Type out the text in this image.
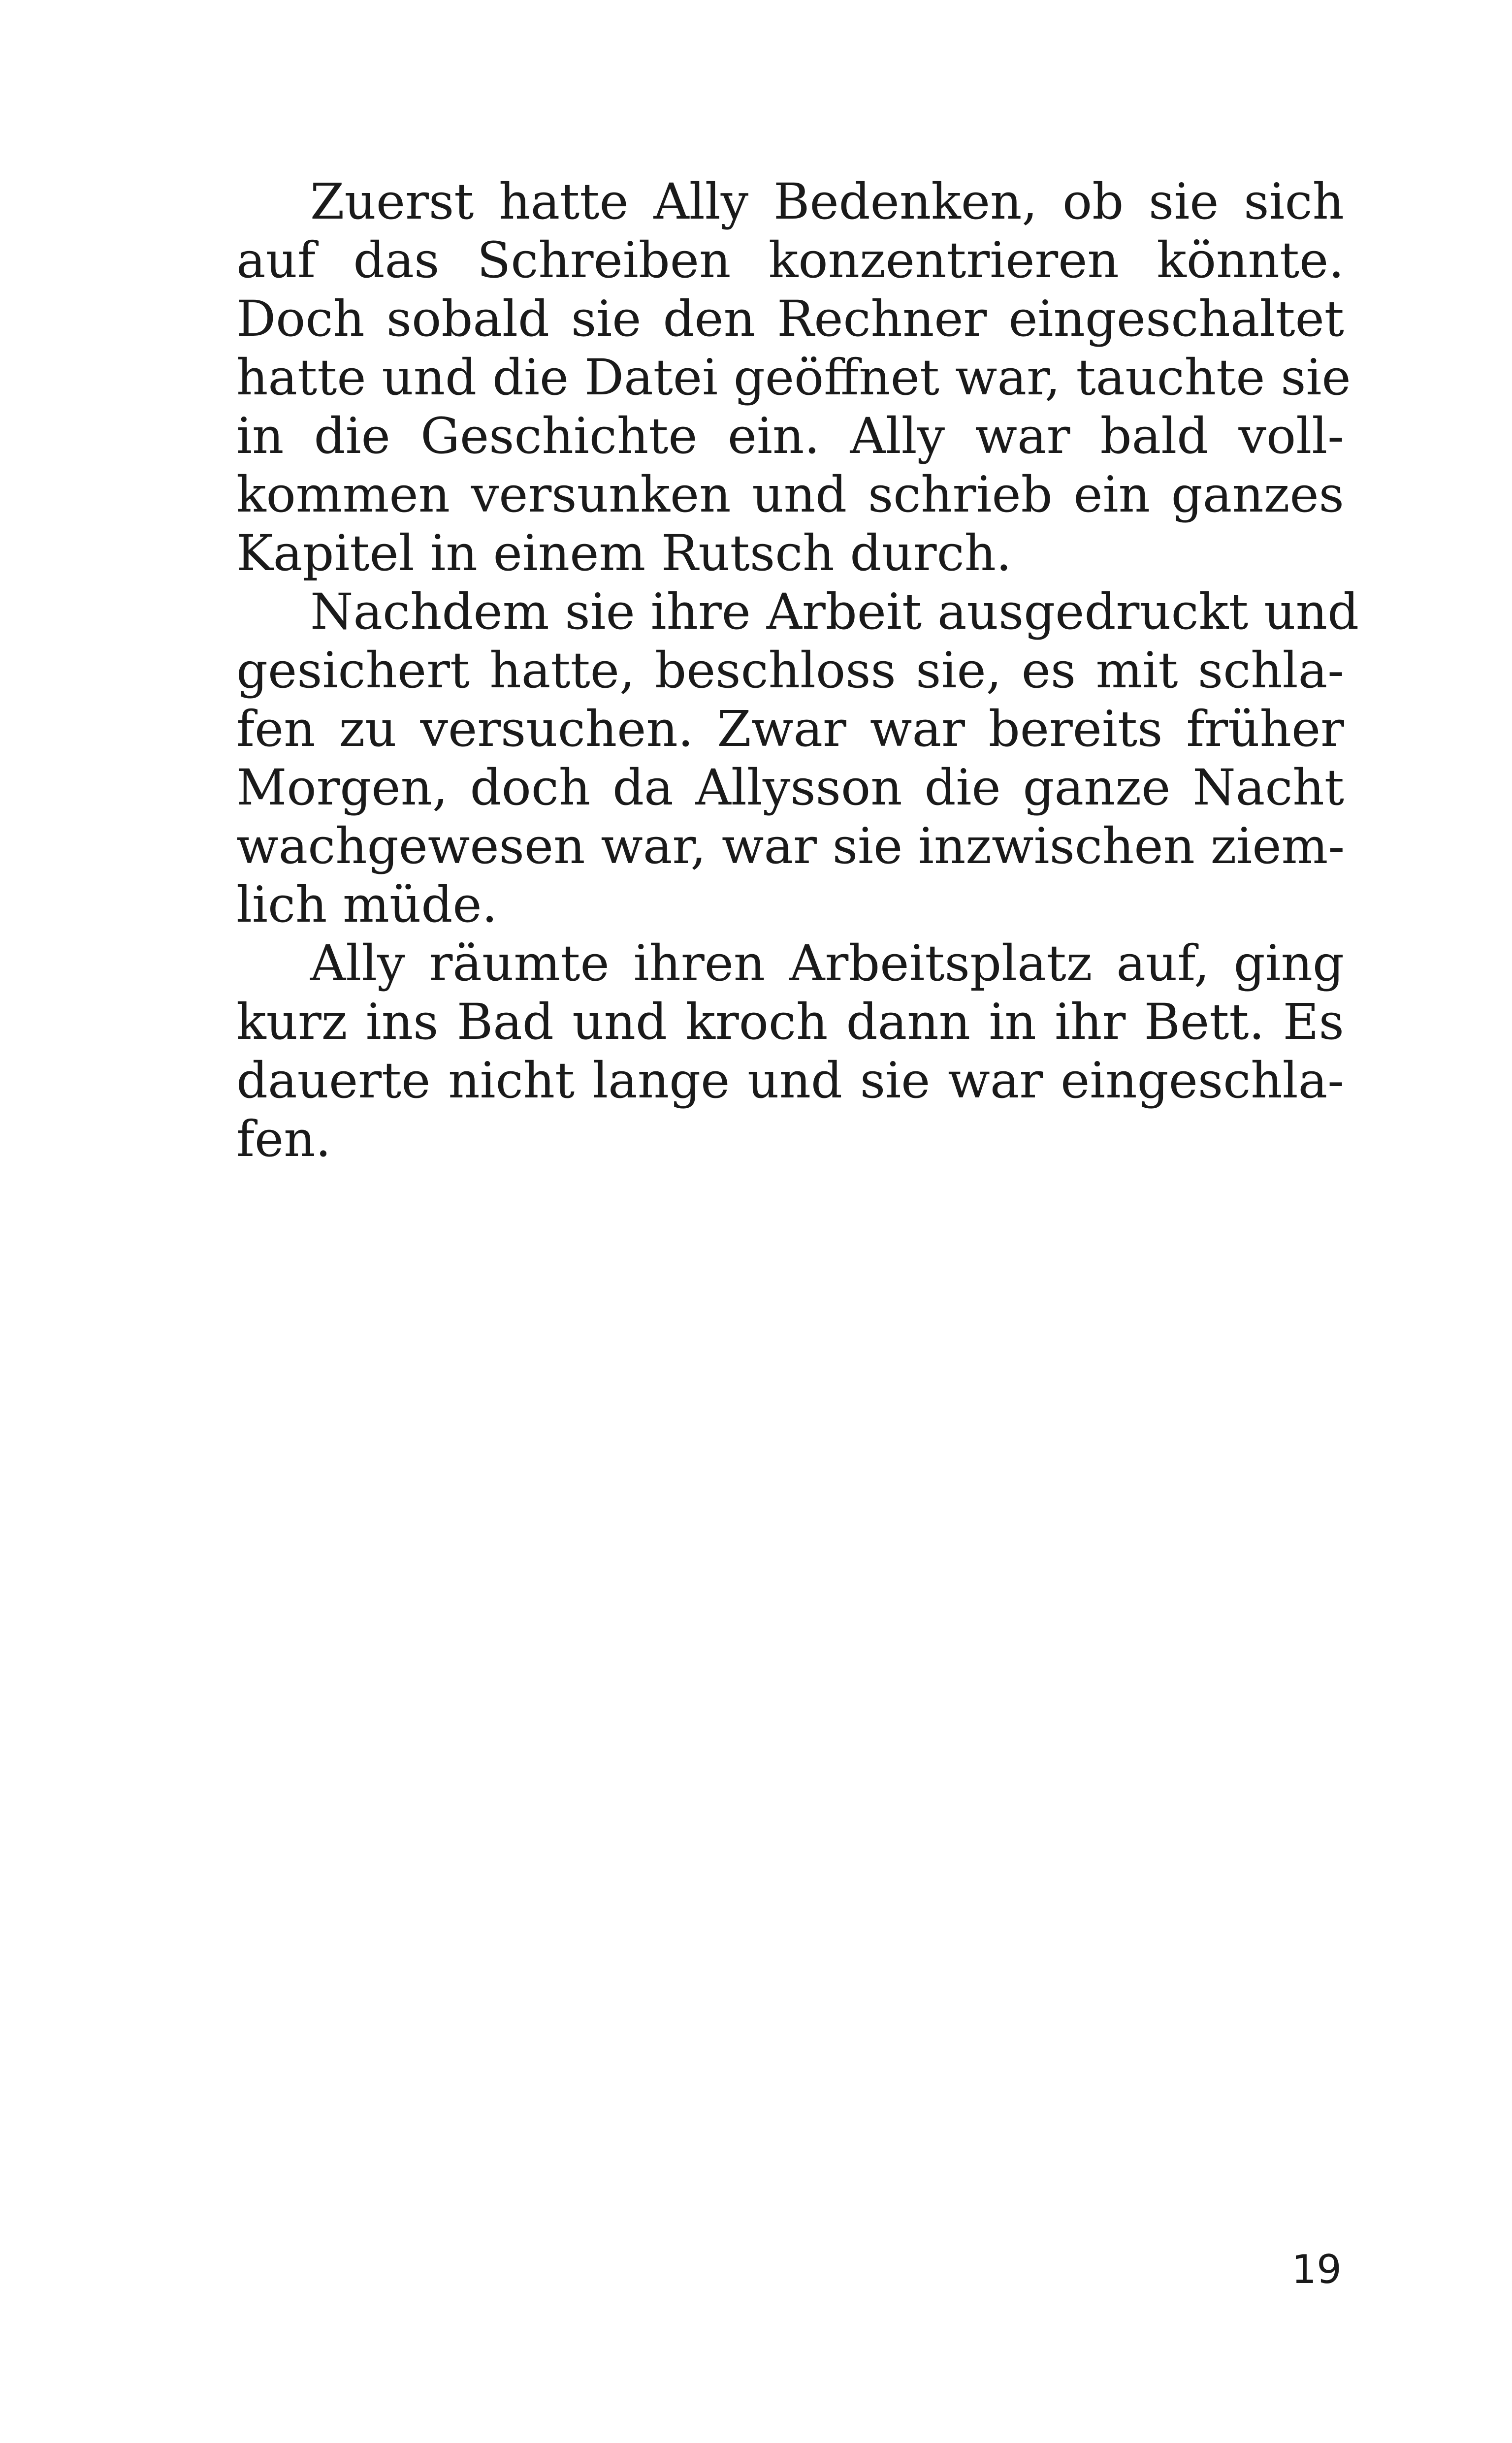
Zuerst hatte Ally Bedenken, ob sie sich
auf das Schreiben konzentrieren könnte.
Doch sobald sie den Rechner eingeschaltet
hatte und die Datei geöffnet war, tauchte sie
in die Geschichte ein. Ally war bald voll-
kommen versunken und schrieb ein ganzes
Kapitel in einem Rutsch durch.
Nachdem sie ihre Arbeit ausgedruckt und
gesichert hatte, beschloss sie, es mit schla-
fen zu versuchen. Zwar war bereits früher
Morgen, doch da Allysson die ganze Nacht
wachgewesen war, war sie inzwischen ziem-
lich müde.
Ally räumte ihren Arbeitsplatz auf, ging
kurz ins Bad und kroch dann in ihr Bett. Es
dauerte nicht lange und sie war eingeschla-
fen.
19
